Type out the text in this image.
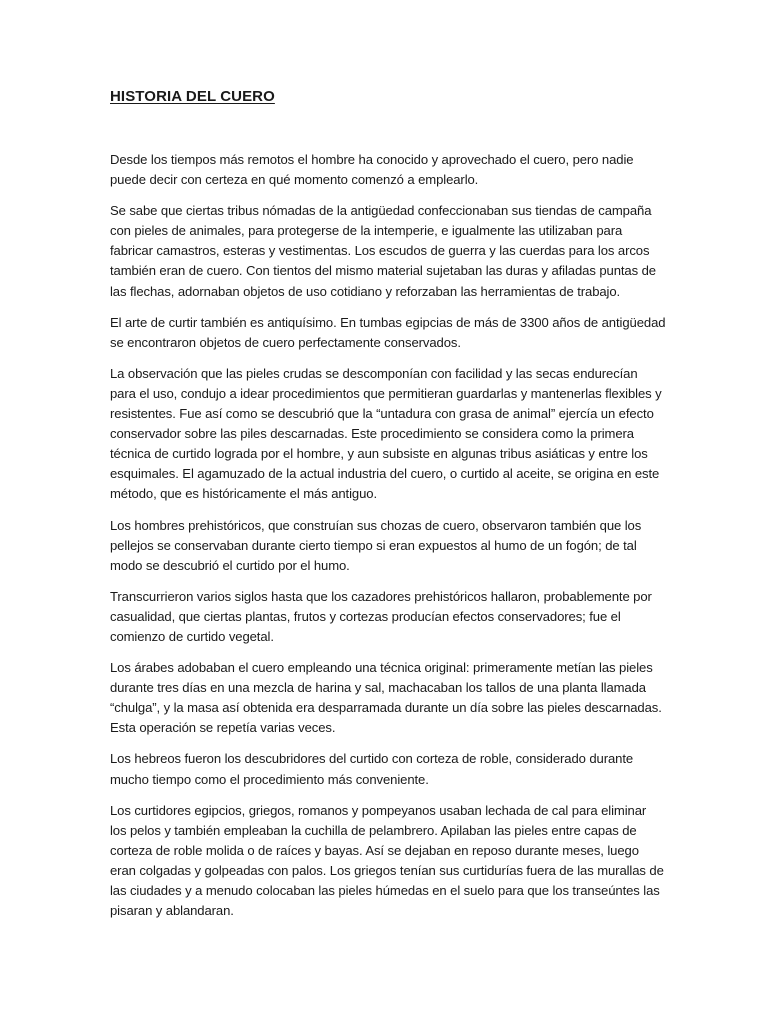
HISTORIA DEL CUERO

Desde los tiempos más remotos el hombre ha conocido y aprovechado el cuero, pero nadie puede decir con certeza en qué momento comenzó a emplearlo.

Se sabe que ciertas tribus nómadas de la antigüedad confeccionaban sus tiendas de campaña con pieles de animales, para protegerse de la intemperie, e igualmente las utilizaban para fabricar camastros, esteras y vestimentas. Los escudos de guerra y las cuerdas para los arcos también eran de cuero. Con tientos del mismo material sujetaban las duras y afiladas puntas de las flechas, adornaban objetos de uso cotidiano y reforzaban las herramientas de trabajo.

El arte de curtir también es antiquísimo. En tumbas egipcias de más de 3300 años de antigüedad se encontraron objetos de cuero perfectamente conservados.

La observación que las pieles crudas se descomponían con facilidad y las secas endurecían para el uso, condujo a idear procedimientos que permitieran guardarlas y mantenerlas flexibles y resistentes. Fue así como se descubrió que la “untadura con grasa de animal” ejercía un efecto conservador sobre las piles descarnadas. Este procedimiento se considera como la primera técnica de curtido lograda por el hombre, y aun subsiste en algunas tribus asiáticas y entre los esquimales. El agamuzado de la actual industria del cuero, o curtido al aceite, se origina en este método, que es históricamente el más antiguo.

Los hombres prehistóricos, que construían sus chozas de cuero, observaron también que los pellejos se conservaban durante cierto tiempo si eran expuestos al humo de un fogón; de tal modo se descubrió el curtido por el humo.

Transcurrieron varios siglos hasta que los cazadores prehistóricos hallaron, probablemente por casualidad, que ciertas plantas, frutos y cortezas producían efectos conservadores; fue el comienzo de curtido vegetal.

Los árabes adobaban el cuero empleando una técnica original: primeramente metían las pieles durante tres días en una mezcla de harina y sal, machacaban los tallos de una planta llamada “chulga”, y la masa así obtenida era desparramada durante un día sobre las pieles descarnadas. Esta operación se repetía varias veces.

Los hebreos fueron los descubridores del curtido con corteza de roble, considerado durante mucho tiempo como el procedimiento más conveniente.

Los curtidores egipcios, griegos, romanos y pompeyanos usaban lechada de cal para eliminar los pelos y también empleaban la cuchilla de pelambrero. Apilaban las pieles entre capas de corteza de roble molida o de raíces y bayas. Así se dejaban en reposo durante meses, luego eran colgadas y golpeadas con palos. Los griegos tenían sus curtidurías fuera de las murallas de las ciudades y a menudo colocaban las pieles húmedas en el suelo para que los transeúntes las pisaran y ablandaran.
